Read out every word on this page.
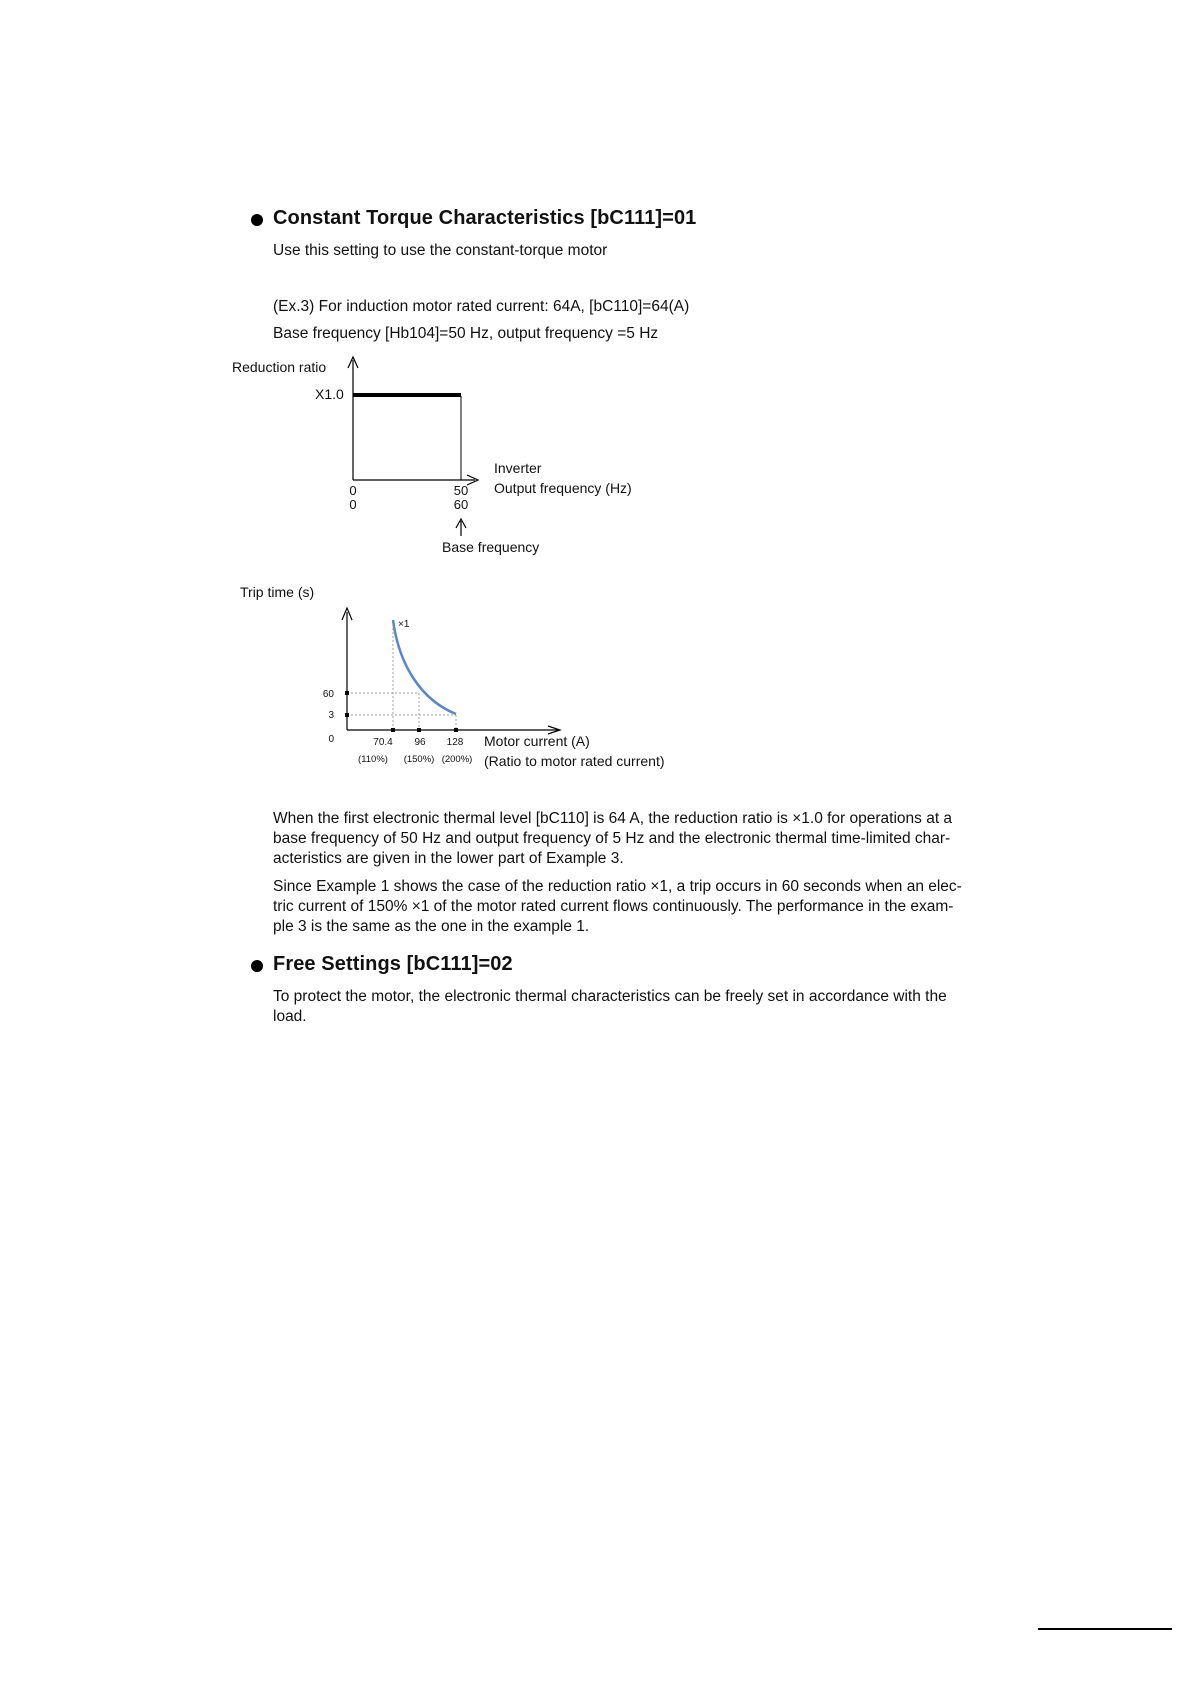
Constant Torque Characteristics [bC111]=01
Use this setting to use the constant-torque motor
(Ex.3) For induction motor rated current: 64A, [bC110]=64(A)
Base frequency [Hb104]=50 Hz, output frequency =5 Hz
Reduction ratio
X1.0
0
0
50
60
Inverter
Output frequency (Hz)
Base frequency
Trip time (s)
×1
60
3
0	70.4 96 128
(110%) (150%) (200%)
Motor current (A)
(Ratio to motor rated current)
When the first electronic thermal level [bC110] is 64 A, the reduction ratio is ×1.0 for operations at a
base frequency of 50 Hz and output frequency of 5 Hz and the electronic thermal time-limited char-
acteristics are given in the lower part of Example 3.
Since Example 1 shows the case of the reduction ratio ×1, a trip occurs in 60 seconds when an elec-
tric current of 150% ×1 of the motor rated current flows continuously. The performance in the exam-
ple 3 is the same as the one in the example 1.
Free Settings [bC111]=02
To protect the motor, the electronic thermal characteristics can be freely set in accordance with the
load.
